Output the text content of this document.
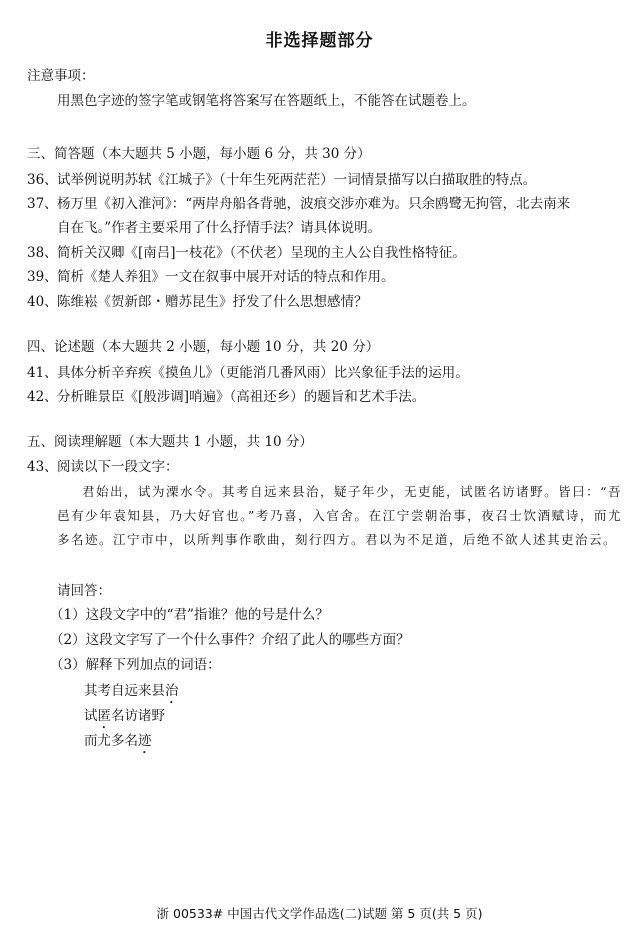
非选择题部分
注意事项：
用黑色字迹的签字笔或钢笔将答案写在答题纸上，不能答在试题卷上。
三、简答题（本大题共 5 小题，每小题 6 分，共 30 分）
36、试举例说明苏轼《江城子》（十年生死两茫茫）一词情景描写以白描取胜的特点。
37、杨万里《初入淮河》：“两岸舟船各背驰，波痕交涉亦难为。只余鸥鹭无拘管，北去南来
自在飞。”作者主要采用了什么抒情手法？请具体说明。
38、简析关汉卿《[南吕]一枝花》（不伏老）呈现的主人公自我性格特征。
39、简析《楚人养狙》一文在叙事中展开对话的特点和作用。
40、陈维崧《贺新郎・赠苏昆生》抒发了什么思想感情？
四、论述题（本大题共 2 小题，每小题 10 分，共 20 分）
41、具体分析辛弃疾《摸鱼儿》（更能消几番风雨）比兴象征手法的运用。
42、分析睢景臣《[般涉调]哨遍》（高祖还乡）的题旨和艺术手法。
五、阅读理解题（本大题共 1 小题，共 10 分）
43、阅读以下一段文字：

君始出，试为溧水令。其考自远来县治，疑子年少，无吏能，试匿名访诸野。皆曰：“吾邑有少年袁知县，乃大好官也。”考乃喜，入官舍。在江宁尝朝治事，夜召士饮酒赋诗，而尤多名迹。江宁市中，以所判事作歌曲，刻行四方。君以为不足道，后绝不欲人述其吏治云。

请回答：
（1）这段文字中的“君”指谁？他的号是什么？
（2）这段文字写了一个什么事件？介绍了此人的哪些方面？
（3）解释下列加点的词语：
其考自远来县治
试匿名访诸野
而尤多名迹
浙 00533# 中国古代文学作品选(二)试题 第 5 页(共 5 页)
